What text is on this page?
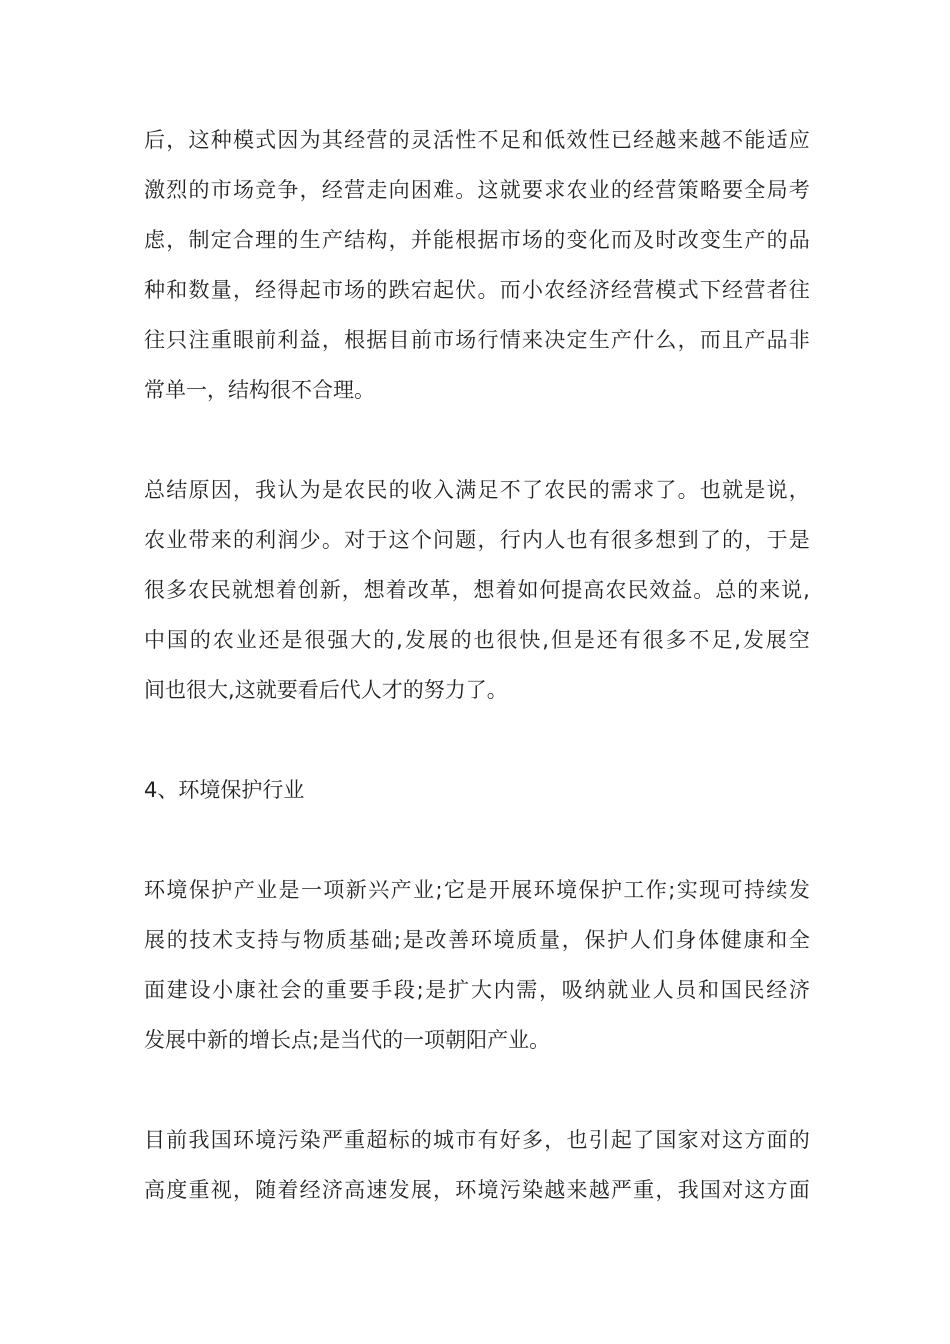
后 ， 这 种 模 式 因 为 其 经 营 的 灵 活 性 不 足 和 低 效 性 已 经 越 来 越 不 能 适 应
激 烈 的 市 场 竞 争 ， 经 营 走 向 困 难 。 这 就 要 求 农 业 的 经 营 策 略 要 全 局 考
虑 ， 制 定 合 理 的 生 产 结 构 ， 并 能 根 据 市 场 的 变 化 而 及 时 改 变 生 产 的 品
种 和 数 量 ， 经 得 起 市 场 的 跌 宕 起 伏 。 而 小 农 经 济 经 营 模 式 下 经 营 者 往
往 只 注 重 眼 前 利 益 ， 根 据 目 前 市 场 行 情 来 决 定 生 产 什 么 ， 而 且 产 品 非
常 单 一 ， 结 构 很 不 合 理 。
总 结 原 因 ， 我 认 为 是 农 民 的 收 入 满 足 不 了 农 民 的 需 求 了 。 也 就 是 说 ，
农 业 带 来 的 利 润 少 。 对 于 这 个 问 题 ， 行 内 人 也 有 很 多 想 到 了 的 ， 于 是
很 多 农 民 就 想 着 创 新 ， 想 着 改 革 ， 想 着 如 何 提 高 农 民 效 益 。 总 的 来 说 ,
中 国 的 农 业 还 是 很 强 大 的 , 发 展 的 也 很 快 , 但 是 还 有 很 多 不 足 , 发 展 空
间 也 很 大 , 这 就 要 看 后 代 人 才 的 努 力 了 。
4、环境保护行业
环 境 保 护 产 业 是 一 项 新 兴 产 业 ; 它 是 开 展 环 境 保 护 工 作 ; 实 现 可 持 续 发
展 的 技 术 支 持 与 物 质 基 础 ; 是 改 善 环 境 质 量 ， 保 护 人 们 身 体 健 康 和 全
面 建 设 小 康 社 会 的 重 要 手 段 ; 是 扩 大 内 需 ， 吸 纳 就 业 人 员 和 国 民 经 济
发 展 中 新 的 增 长 点 ; 是 当 代 的 一 项 朝 阳 产 业 。
目 前 我 国 环 境 污 染 严 重 超 标 的 城 市 有 好 多 ， 也 引 起 了 国 家 对 这 方 面 的
高 度 重 视 ， 随 着 经 济 高 速 发 展 ， 环 境 污 染 越 来 越 严 重 ， 我 国 对 这 方 面
